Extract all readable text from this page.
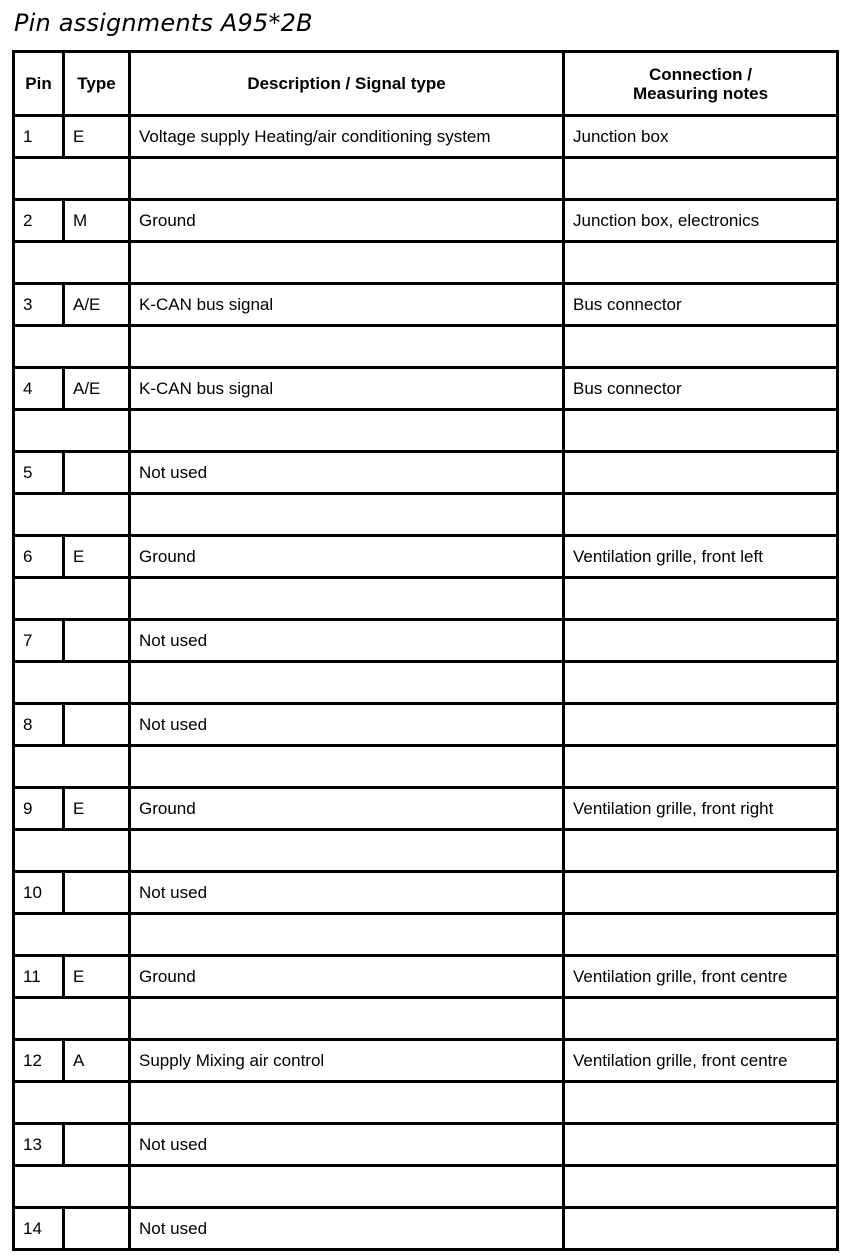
Pin assignments A95*2B
Pin	Type	Description / Signal type	Connection /
Measuring notes

1	E	Voltage supply Heating/air conditioning system	Junction box

2	M	Ground	Junction box, electronics

3	A/E	K-CAN bus signal	Bus connector

4	A/E	K-CAN bus signal	Bus connector

5		Not used	

6	E	Ground	Ventilation grille, front left

7		Not used	

8		Not used	

9	E	Ground	Ventilation grille, front right

10		Not used	

11	E	Ground	Ventilation grille, front centre

12	A	Supply Mixing air control	Ventilation grille, front centre

13		Not used	

14		Not used	
